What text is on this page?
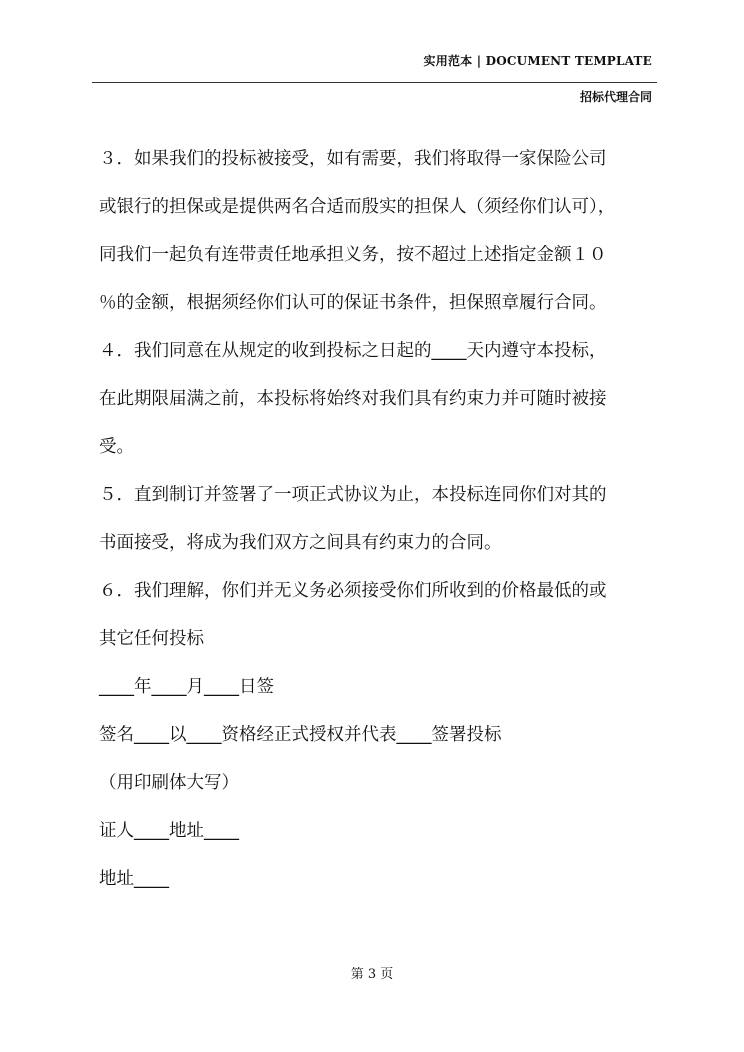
实用范本 | DOCUMENT TEMPLATE
招标代理合同
３．如果我们的投标被接受，如有需要，我们将取得一家保险公司
或银行的担保或是提供两名合适而殷实的担保人（须经你们认可），
同我们一起负有连带责任地承担义务，按不超过上述指定金额１０
％的金额，根据须经你们认可的保证书条件，担保照章履行合同。
４．我们同意在从规定的收到投标之日起的____天内遵守本投标，
在此期限届满之前，本投标将始终对我们具有约束力并可随时被接
受。
５．直到制订并签署了一项正式协议为止，本投标连同你们对其的
书面接受，将成为我们双方之间具有约束力的合同。
６．我们理解，你们并无义务必须接受你们所收到的价格最低的或
其它任何投标
____年____月____日签
签名____以____资格经正式授权并代表____签署投标
（用印刷体大写）
证人____地址____
地址____
第 3 页
